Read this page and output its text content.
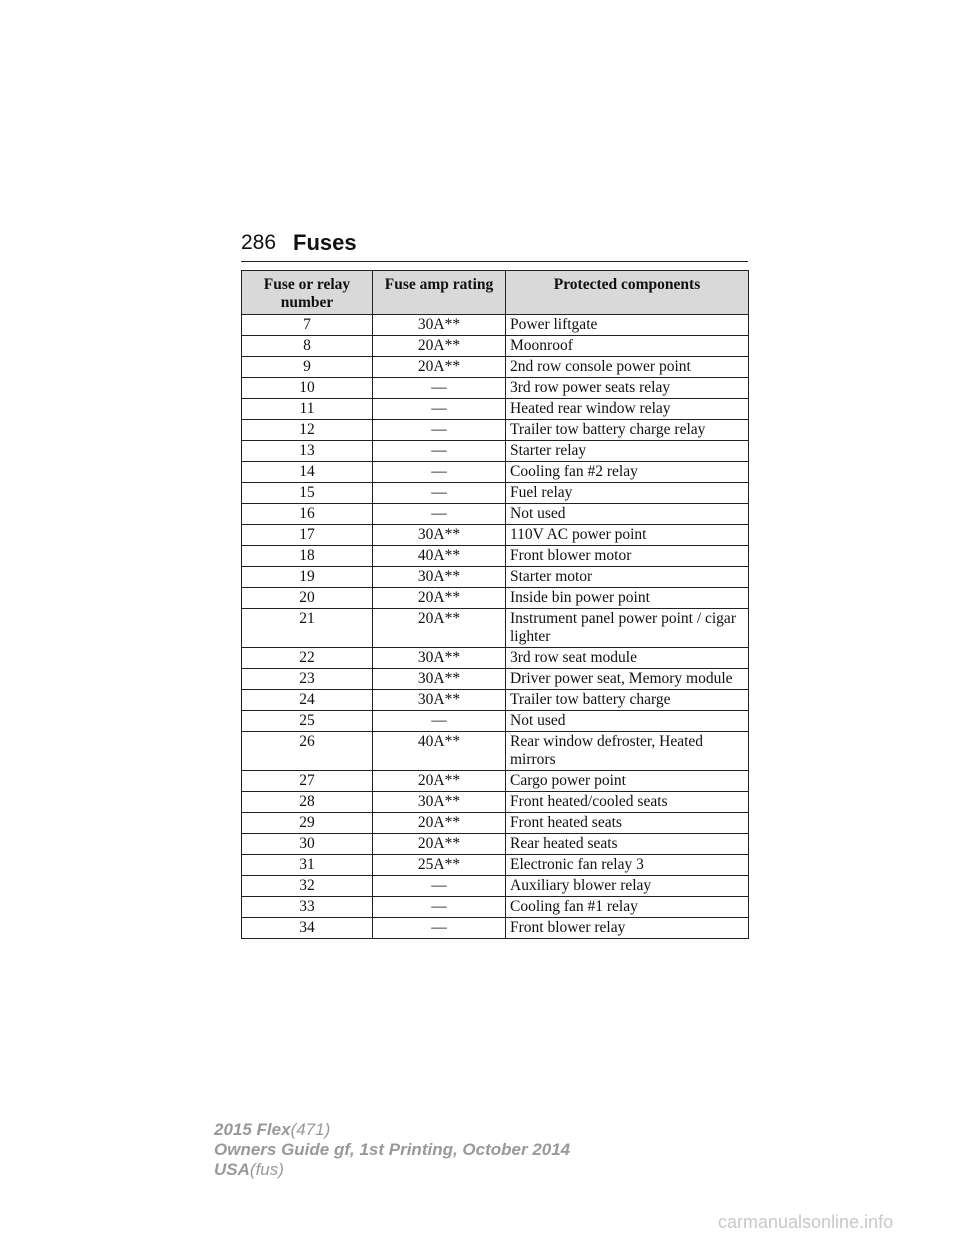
286 Fuses
Fuse or relay number	Fuse amp rating	Protected components
7	30A**	Power liftgate
8	20A**	Moonroof
9	20A**	2nd row console power point
10	—	3rd row power seats relay
11	—	Heated rear window relay
12	—	Trailer tow battery charge relay
13	—	Starter relay
14	—	Cooling fan #2 relay
15	—	Fuel relay
16	—	Not used
17	30A**	110V AC power point
18	40A**	Front blower motor
19	30A**	Starter motor
20	20A**	Inside bin power point
21	20A**	Instrument panel power point / cigar lighter
22	30A**	3rd row seat module
23	30A**	Driver power seat, Memory module
24	30A**	Trailer tow battery charge
25	—	Not used
26	40A**	Rear window defroster, Heated mirrors
27	20A**	Cargo power point
28	30A**	Front heated/cooled seats
29	20A**	Front heated seats
30	20A**	Rear heated seats
31	25A**	Electronic fan relay 3
32	—	Auxiliary blower relay
33	—	Cooling fan #1 relay
34	—	Front blower relay
2015 Flex(471)
Owners Guide gf, 1st Printing, October 2014
USA(fus)
carmanualsonline.info
